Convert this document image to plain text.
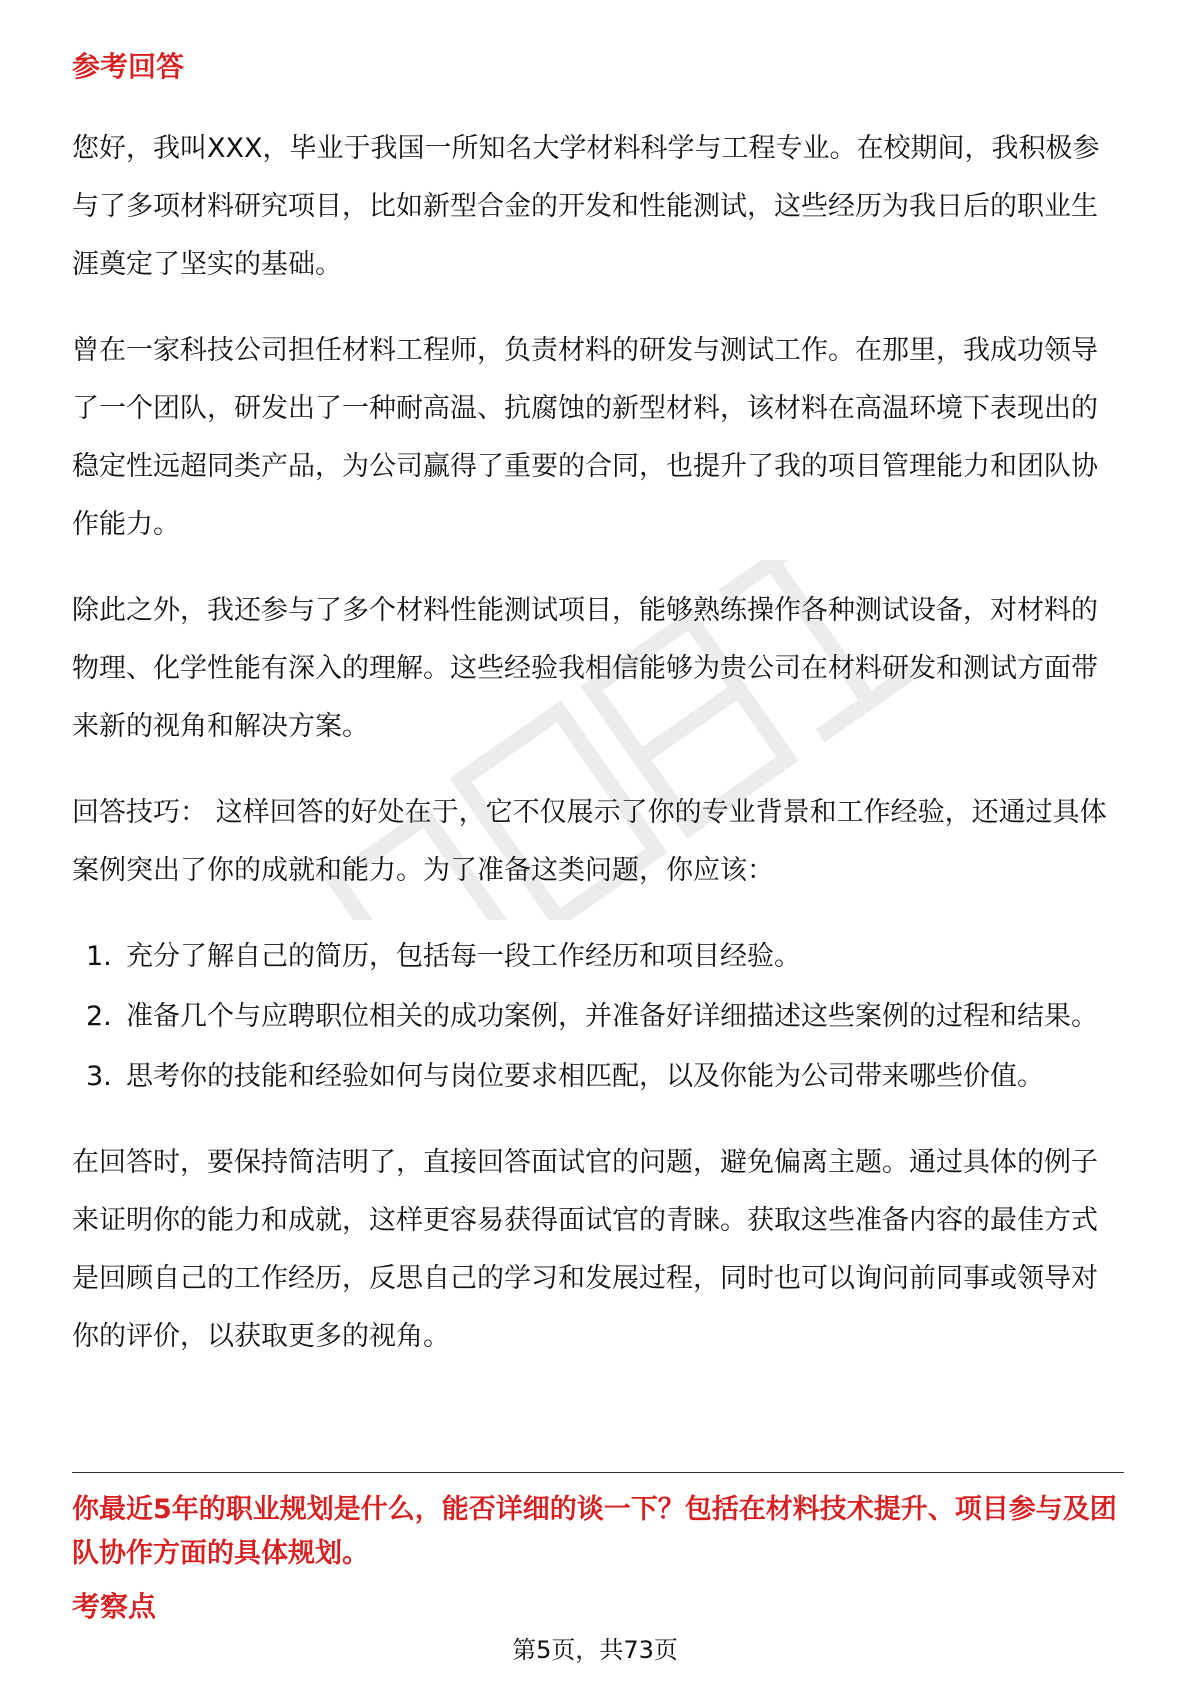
参考回答

您好，我叫XXX，毕业于我国一所知名大学材料科学与工程专业。在校期间，我积极参与了多项材料研究项目，比如新型合金的开发和性能测试，这些经历为我日后的职业生涯奠定了坚实的基础。

曾在一家科技公司担任材料工程师，负责材料的研发与测试工作。在那里，我成功领导了一个团队，研发出了一种耐高温、抗腐蚀的新型材料，该材料在高温环境下表现出的稳定性远超同类产品，为公司赢得了重要的合同，也提升了我的项目管理能力和团队协作能力。

除此之外，我还参与了多个材料性能测试项目，能够熟练操作各种测试设备，对材料的物理、化学性能有深入的理解。这些经验我相信能够为贵公司在材料研发和测试方面带来新的视角和解决方案。

回答技巧： 这样回答的好处在于，它不仅展示了你的专业背景和工作经验，还通过具体案例突出了你的成就和能力。为了准备这类问题，你应该：

1. 充分了解自己的简历，包括每一段工作经历和项目经验。
2. 准备几个与应聘职位相关的成功案例，并准备好详细描述这些案例的过程和结果。
3. 思考你的技能和经验如何与岗位要求相匹配，以及你能为公司带来哪些价值。

在回答时，要保持简洁明了，直接回答面试官的问题，避免偏离主题。通过具体的例子来证明你的能力和成就，这样更容易获得面试官的青睐。获取这些准备内容的最佳方式是回顾自己的工作经历，反思自己的学习和发展过程，同时也可以询问前同事或领导对你的评价，以获取更多的视角。

你最近5年的职业规划是什么，能否详细的谈一下？包括在材料技术提升、项目参与及团队协作方面的具体规划。
考察点
第5页，共73页
